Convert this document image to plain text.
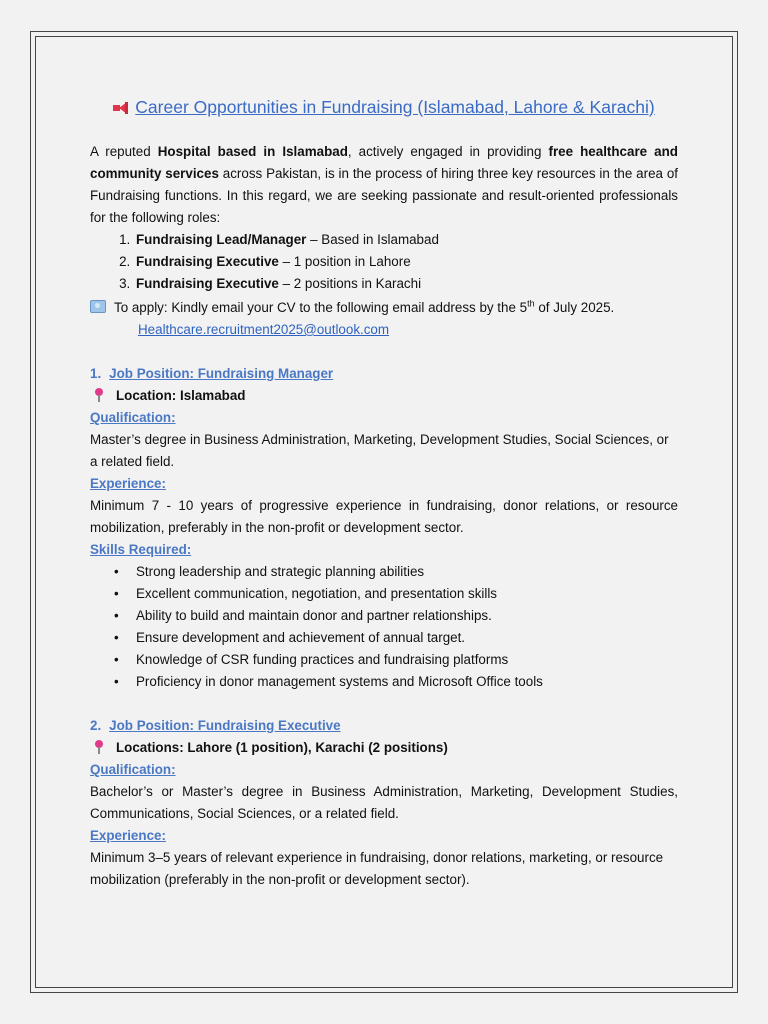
Career Opportunities in Fundraising (Islamabad, Lahore & Karachi)

A reputed Hospital based in Islamabad, actively engaged in providing free healthcare and community services across Pakistan, is in the process of hiring three key resources in the area of Fundraising functions. In this regard, we are seeking passionate and result-oriented professionals for the following roles:

1. Fundraising Lead/Manager – Based in Islamabad
2. Fundraising Executive – 1 position in Lahore
3. Fundraising Executive – 2 positions in Karachi

To apply: Kindly email your CV to the following email address by the 5th of July 2025.

Healthcare.recruitment2025@outlook.com

1. Job Position: Fundraising Manager

Location: Islamabad

Qualification:

Master’s degree in Business Administration, Marketing, Development Studies, Social Sciences, or a related field.

Experience:

Minimum 7 - 10 years of progressive experience in fundraising, donor relations, or resource mobilization, preferably in the non-profit or development sector.

Skills Required:

• Strong leadership and strategic planning abilities
• Excellent communication, negotiation, and presentation skills
• Ability to build and maintain donor and partner relationships.
• Ensure development and achievement of annual target.
• Knowledge of CSR funding practices and fundraising platforms
• Proficiency in donor management systems and Microsoft Office tools

2. Job Position: Fundraising Executive

Locations: Lahore (1 position), Karachi (2 positions)

Qualification:

Bachelor’s or Master’s degree in Business Administration, Marketing, Development Studies, Communications, Social Sciences, or a related field.

Experience:

Minimum 3–5 years of relevant experience in fundraising, donor relations, marketing, or resource mobilization (preferably in the non-profit or development sector).
